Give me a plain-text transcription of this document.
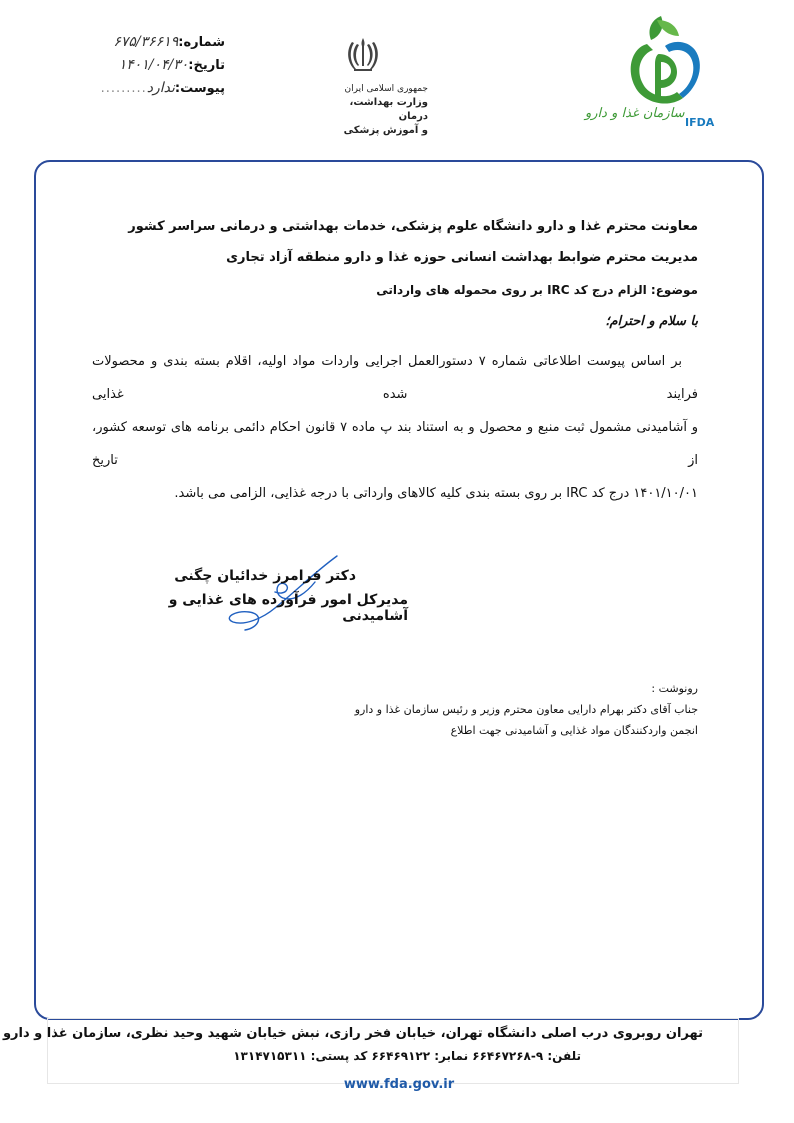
شماره:
۶۷۵/۳۶۶۱۹
تاریخ:
۱۴۰۱/۰۴/۳۰
پیوست:
ندارد
.........	جمهوری اسلامی ایران
وزارت بهداشت، درمان
و آموزش پزشکی
سازمان غذا و دارو
IFDA
معاونت محترم غذا و دارو دانشگاه علوم پزشکی، خدمات بهداشتی و درمانی سراسر کشور
مدیریت محترم ضوابط بهداشت انسانی حوزه غذا و دارو منطقه آزاد تجاری
موضوع: الزام درج کد IRC بر روی محموله های وارداتی
با سلام و احترام؛
بر اساس پیوست اطلاعاتی شماره ۷ دستورالعمل اجرایی واردات مواد اولیه، اقلام بسته بندی و محصولات فرایند شده غذایی
و آشامیدنی مشمول ثبت منبع و محصول و به استناد بند پ ماده ۷ قانون احکام دائمی برنامه های توسعه کشور، از تاریخ
۱۴۰۱/۱۰/۰۱ درج کد IRC بر روی بسته بندی کلیه کالاهای وارداتی با درجه غذایی، الزامی می باشد.
دکتر فرامرز خدائیان چگنی
مدیرکل امور فرآورده های غذایی و آشامیدنی
رونوشت :
جناب آقای دکتر بهرام دارایی معاون محترم وزیر و رئیس سازمان غذا و دارو
انجمن واردکنندگان مواد غذایی و آشامیدنی جهت اطلاع
تهران روبروی درب اصلی دانشگاه تهران، خیابان فخر رازی، نبش خیابان شهید وحید نظری، سازمان غذا و دارو
تلفن: ۹-۶۶۴۶۷۲۶۸ نمابر: ۶۶۴۶۹۱۲۲ کد پستی: ۱۳۱۴۷۱۵۳۱۱
www.fda.gov.ir
